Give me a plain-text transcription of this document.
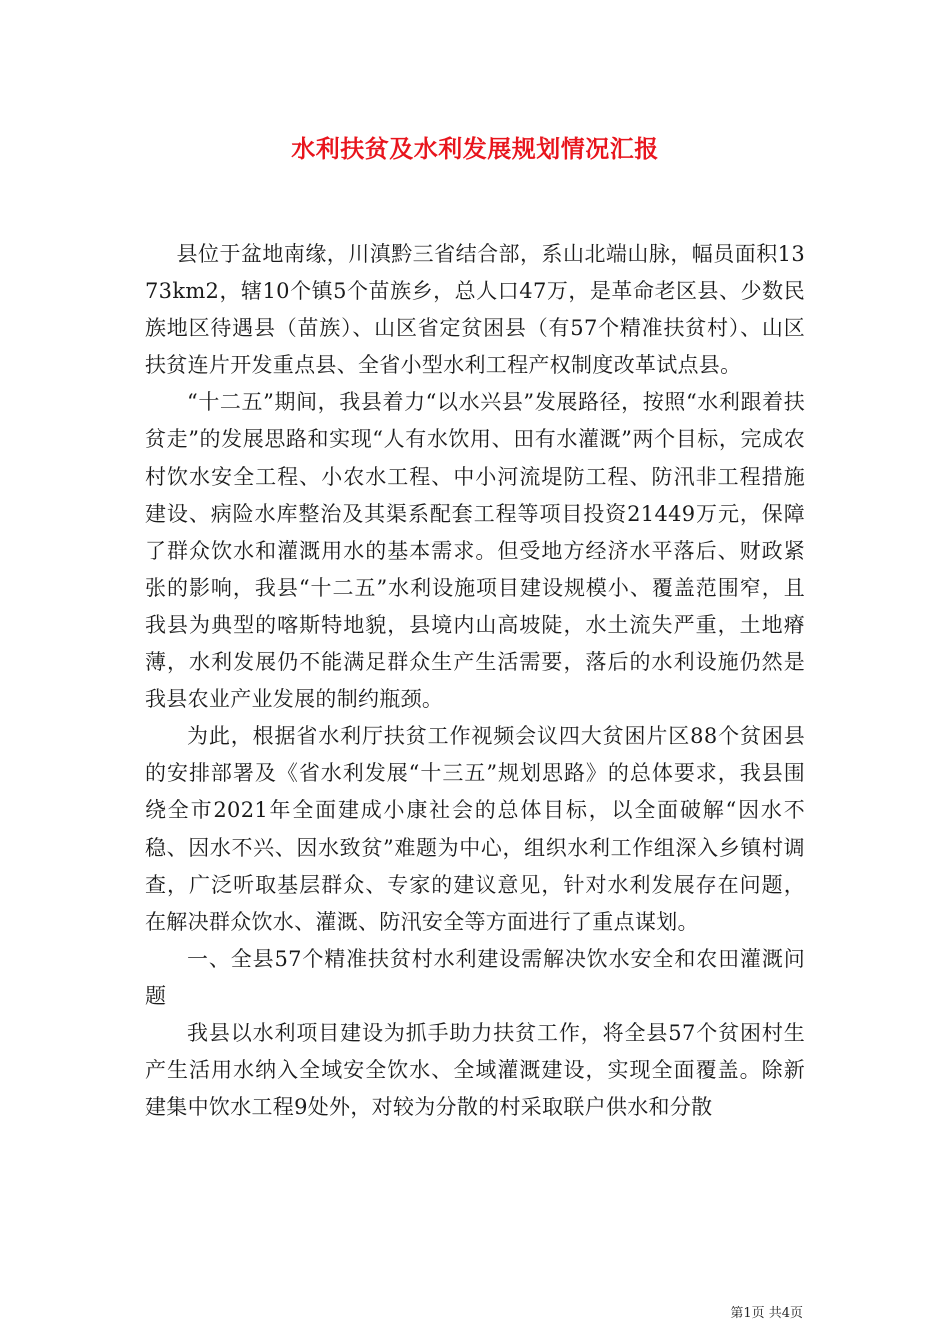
水利扶贫及水利发展规划情况汇报

县位于盆地南缘，川滇黔三省结合部，系山北端山脉，幅员面积1373km2，辖10个镇5个苗族乡，总人口47万，是革命老区县、少数民族地区待遇县（苗族）、山区省定贫困县（有57个精准扶贫村）、山区扶贫连片开发重点县、全省小型水利工程产权制度改革试点县。

“十二五”期间，我县着力“以水兴县”发展路径，按照“水利跟着扶贫走”的发展思路和实现“人有水饮用、田有水灌溉”两个目标，完成农村饮水安全工程、小农水工程、中小河流堤防工程、防汛非工程措施建设、病险水库整治及其渠系配套工程等项目投资21449万元，保障了群众饮水和灌溉用水的基本需求。但受地方经济水平落后、财政紧张的影响，我县“十二五”水利设施项目建设规模小、覆盖范围窄，且我县为典型的喀斯特地貌，县境内山高坡陡，水土流失严重，土地瘠薄，水利发展仍不能满足群众生产生活需要，落后的水利设施仍然是我县农业产业发展的制约瓶颈。

为此，根据省水利厅扶贫工作视频会议四大贫困片区88个贫困县的安排部署及《省水利发展“十三五”规划思路》的总体要求，我县围绕全市2021年全面建成小康社会的总体目标，以全面破解“因水不稳、因水不兴、因水致贫”难题为中心，组织水利工作组深入乡镇村调查，广泛听取基层群众、专家的建议意见，针对水利发展存在问题，在解决群众饮水、灌溉、防汛安全等方面进行了重点谋划。

一、全县57个精准扶贫村水利建设需解决饮水安全和农田灌溉问题

我县以水利项目建设为抓手助力扶贫工作，将全县57个贫困村生产生活用水纳入全域安全饮水、全域灌溉建设，实现全面覆盖。除新建集中饮水工程9处外，对较为分散的村采取联户供水和分散

第1页 共4页
